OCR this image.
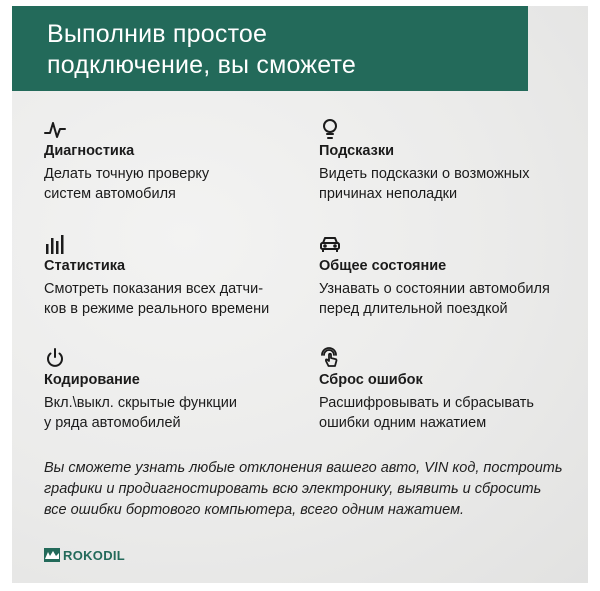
Выполнив простое
подключение, вы сможете
Диагностика
Делать точную проверку
систем автомобиля
Подсказки
Видеть подсказки о возможных
причинах неполадки
Статистика
Смотреть показания всех датчи-
ков в режиме реального времени
Общее состояние
Узнавать о состоянии автомобиля
перед длительной поездкой
Кодирование
Вкл.\выкл. скрытые функции
у ряда автомобилей
Сброс ошибок
Расшифровывать и сбрасывать
ошибки одним нажатием
Вы сможете узнать любые отклонения вашего авто, VIN код, построить
графики и продиагностировать всю электронику, выявить и сбросить
все ошибки бортового компьютера, всего одним нажатием.
ROKODIL
